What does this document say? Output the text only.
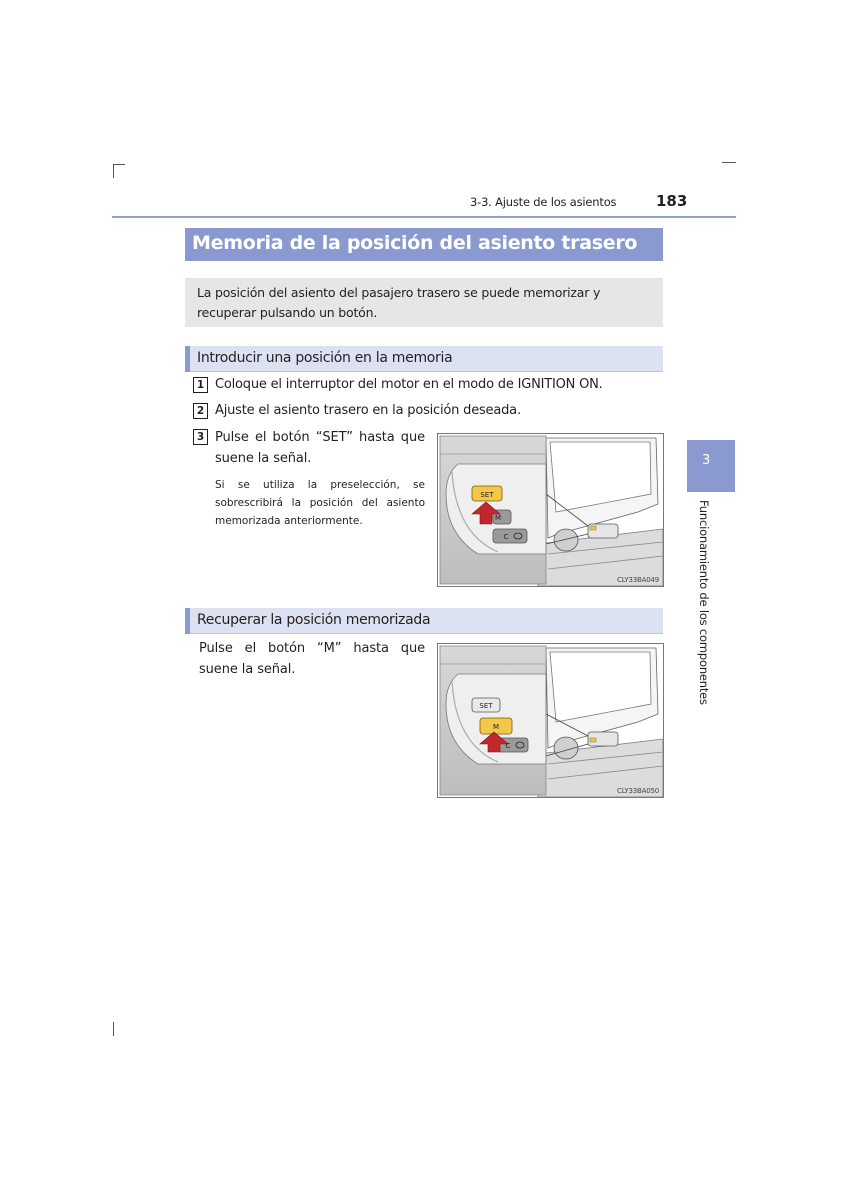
3-3. Ajuste de los asientos	183
Memoria de la posición del asiento trasero
La posición del asiento del pasajero trasero se puede memorizar y recuperar pulsando un botón.
Introducir una posición en la memoria
1 Coloque el interruptor del motor en el modo de IGNITION ON.
2 Ajuste el asiento trasero en la posición deseada.
3 Pulse el botón “SET” hasta que
suene la señal.
Si se utiliza la preselección, se sobrescribirá la posición del asiento memorizada anteriormente.
SET
M
C
CLY33BA049
Recuperar la posición memorizada
Pulse el botón “M” hasta que suene la señal.
SET
M
C
CLY33BA050
3
Funcionamiento de los componentes
